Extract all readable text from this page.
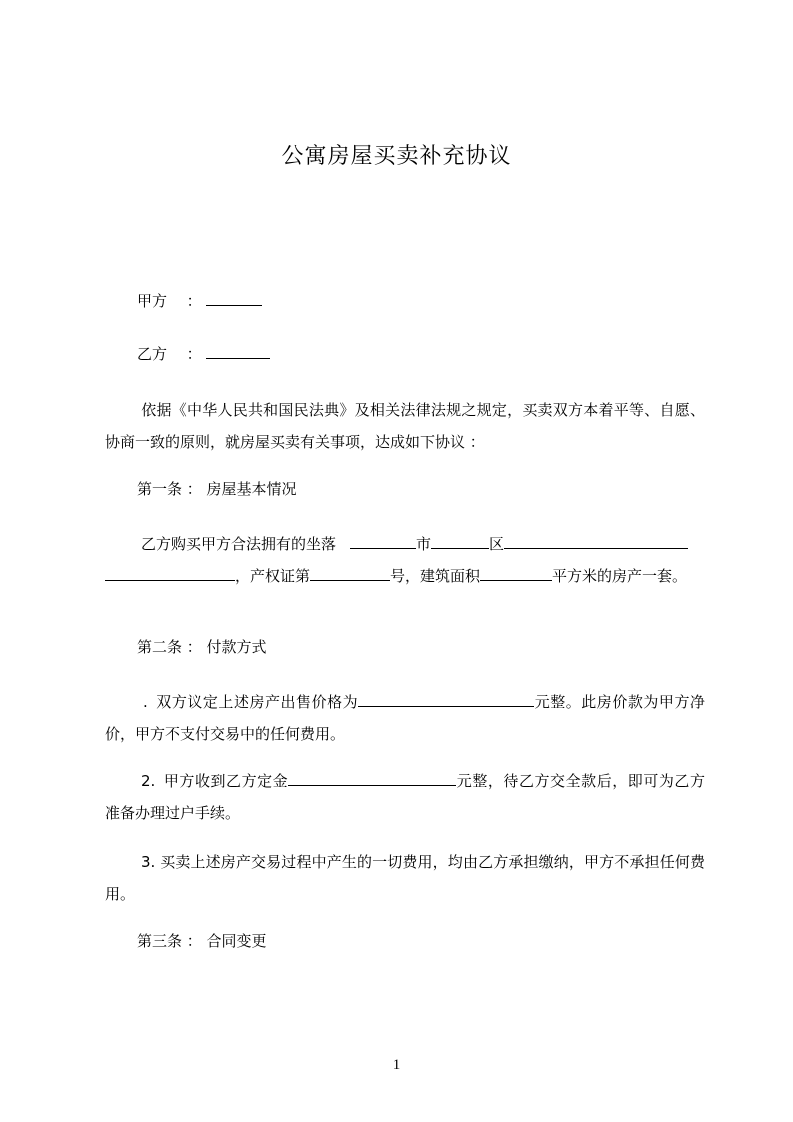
公寓房屋买卖补充协议
甲方 ：
乙方 ：
依据《中华人民共和国民法典》及相关法律法规之规定，买卖双方本着平等、自愿、协商一致的原则，就房屋买卖有关事项，达成如下协议 ：
第一条 ： 房屋基本情况
乙方购买甲方合法拥有的坐落	市	区
，产权证第	号，建筑面积	平方米的房产一套。
第二条 ： 付款方式
. 双方议定上述房产出售价格为	元整。此房价款为甲方净价，甲方不支付交易中的任何费用。
2. 甲方收到乙方定金	元整，待乙方交全款后，即可为乙方准备办理过户手续。
3. 买卖上述房产交易过程中产生的一切费用，均由乙方承担缴纳，甲方不承担任何费用。
第三条 ： 合同变更
1
